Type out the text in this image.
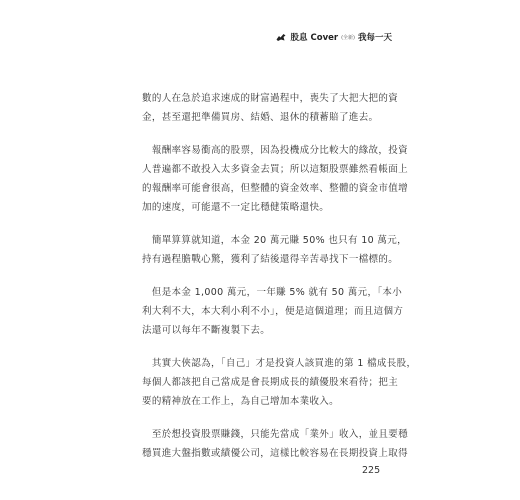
股息 Cover (全新) 我每一天

數的人在急於追求速成的財富過程中，喪失了大把大把的資
金，甚至還把準備買房、結婚、退休的積蓄賠了進去。

　報酬率容易衝高的股票，因為投機成分比較大的緣故，投資
人普遍都不敢投入太多資金去買；所以這類股票雖然看帳面上
的報酬率可能會很高，但整體的資金效率、整體的資金市值增
加的速度，可能還不一定比穩健策略還快。

　簡單算算就知道，本金 20 萬元賺 50% 也只有 10 萬元，
持有過程膽戰心驚，獲利了結後還得辛苦尋找下一檔標的。

　但是本金 1,000 萬元，一年賺 5% 就有 50 萬元，「本小
利大利不大，本大利小利不小」，便是這個道理；而且這個方
法還可以每年不斷複製下去。

　其實大俠認為，「自己」才是投資人該買進的第 1 檔成長股，
每個人都該把自己當成是會長期成長的績優股來看待；把主
要的精神放在工作上，為自己增加本業收入。

　至於想投資股票賺錢，只能先當成「業外」收入，並且要穩
穩買進大盤指數或績優公司，這樣比較容易在長期投資上取得

225
